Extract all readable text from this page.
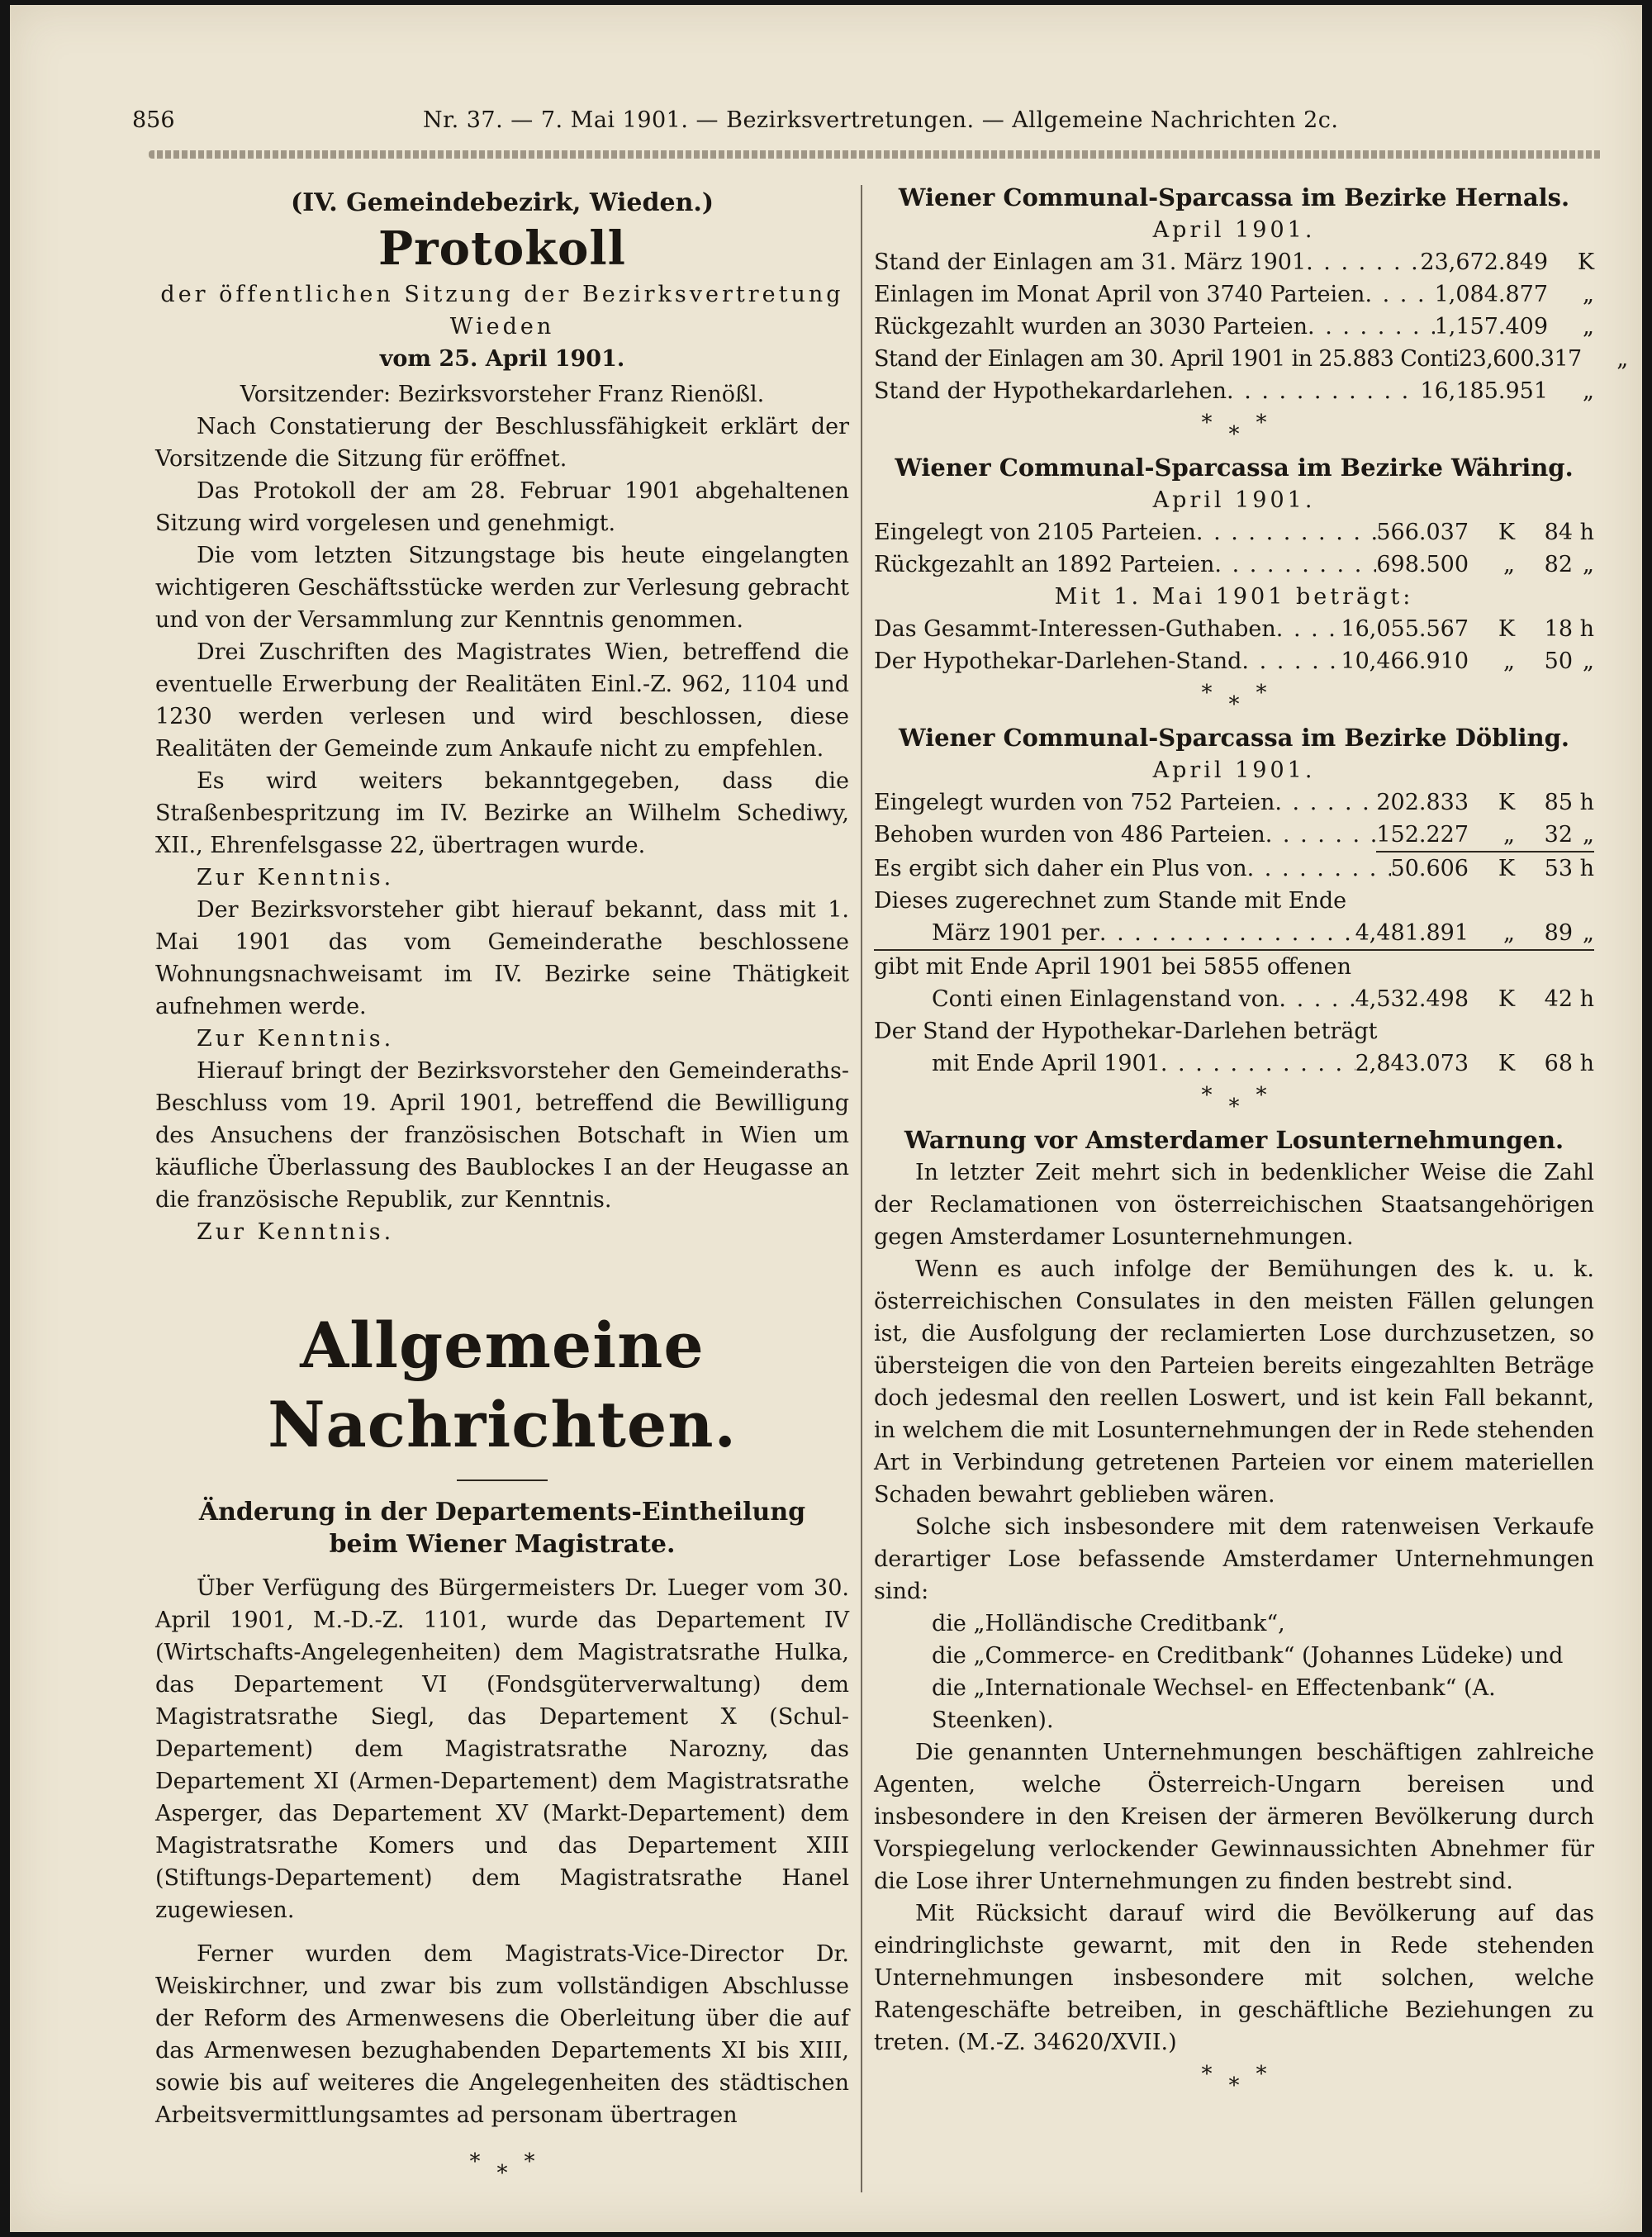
856	Nr. 37. — 7. Mai 1901. — Bezirksvertretungen. — Allgemeine Nachrichten 2c.

(IV. Gemeindebezirk, Wieden.)

Protokoll

der öffentlichen Sitzung der Bezirksvertretung Wieden

vom 25. April 1901.

Vorsitzender: Bezirksvorsteher Franz Rienößl.

Nach Constatierung der Beschlussfähigkeit erklärt der Vorsitzende die Sitzung für eröffnet.

Das Protokoll der am 28. Februar 1901 abgehaltenen Sitzung wird vorgelesen und genehmigt.

Die vom letzten Sitzungstage bis heute eingelangten wichtigeren Geschäftsstücke werden zur Verlesung gebracht und von der Versammlung zur Kenntnis genommen.

Drei Zuschriften des Magistrates Wien, betreffend die eventuelle Erwerbung der Realitäten Einl.-Z. 962, 1104 und 1230 werden verlesen und wird beschlossen, diese Realitäten der Gemeinde zum Ankaufe nicht zu empfehlen.

Es wird weiters bekanntgegeben, dass die Straßenbespritzung im IV. Bezirke an Wilhelm Schediwy, XII., Ehrenfelsgasse 22, übertragen wurde.

Zur Kenntnis.

Der Bezirksvorsteher gibt hierauf bekannt, dass mit 1. Mai 1901 das vom Gemeinderathe beschlossene Wohnungsnachweisamt im IV. Bezirke seine Thätigkeit aufnehmen werde.

Zur Kenntnis.

Hierauf bringt der Bezirksvorsteher den Gemeinderaths-Beschluss vom 19. April 1901, betreffend die Bewilligung des Ansuchens der französischen Botschaft in Wien um käufliche Überlassung des Baublockes I an der Heugasse an die französische Republik, zur Kenntnis.

Zur Kenntnis.

Allgemeine Nachrichten.

Änderung in der Departements-Eintheilung beim Wiener Magistrate.

Über Verfügung des Bürgermeisters Dr. Lueger vom 30. April 1901, M.-D.-Z. 1101, wurde das Departement IV (Wirtschafts-Angelegenheiten) dem Magistratsrathe Hulka, das Departement VI (Fondsgüterverwaltung) dem Magistratsrathe Siegl, das Departement X (Schul-Departement) dem Magistratsrathe Narozny, das Departement XI (Armen-Departement) dem Magistratsrathe Asperger, das Departement XV (Markt-Departement) dem Magistratsrathe Komers und das Departement XIII (Stiftungs-Departement) dem Magistratsrathe Hanel zugewiesen.

Ferner wurden dem Magistrats-Vice-Director Dr. Weiskirchner, und zwar bis zum vollständigen Abschlusse der Reform des Armenwesens die Oberleitung über die auf das Armenwesen bezughabenden Departements XI bis XIII, sowie bis auf weiteres die Angelegenheiten des städtischen Arbeitsvermittlungsamtes ad personam übertragen

* * *

Wiener Communal-Sparcassa im Bezirke Hernals.

April 1901.

Stand der Einlagen am 31. März 1901 . . .	23,672.849	K
Einlagen im Monat April von 3740 Parteien . . .	1,084.877	„
Rückgezahlt wurden an 3030 Parteien . . .	1,157.409	„
Stand der Einlagen am 30. April 1901 in 25.883 Conti 23,600.317	„
Stand der Hypothekardarlehen . . .	16,185.951	„
* * *

Wiener Communal-Sparcassa im Bezirke Währing.

April 1901.

Eingelegt von 2105 Parteien . . .	566.037	K	84 h
Rückgezahlt an 1892 Parteien . . .	698.500	„	82 „

Mit 1. Mai 1901 beträgt:

Das Gesammt-Interessen-Guthaben . . .	16,055.567	K	18 h
Der Hypothekar-Darlehen-Stand . . .	10,466.910	„	50 „
* * *

Wiener Communal-Sparcassa im Bezirke Döbling.

April 1901.

Eingelegt wurden von 752 Parteien . . .	202.833	K	85 h
Behoben wurden von 486 Parteien . . .	152.227	„	32 „
Es ergibt sich daher ein Plus von . . .	50.606	K	53 h

Dieses zugerechnet zum Stande mit Ende

März 1901 per . . .	4,481.891	„	89 „

gibt mit Ende April 1901 bei 5855 offenen

Conti einen Einlagenstand von . . .	4,532.498	K	42 h

Der Stand der Hypothekar-Darlehen beträgt

mit Ende April 1901 . . .	2,843.073	K	68 h
* * *

Warnung vor Amsterdamer Losunternehmungen.

In letzter Zeit mehrt sich in bedenklicher Weise die Zahl der Reclamationen von österreichischen Staatsangehörigen gegen Amsterdamer Losunternehmungen.

Wenn es auch infolge der Bemühungen des k. u. k. österreichischen Consulates in den meisten Fällen gelungen ist, die Ausfolgung der reclamierten Lose durchzusetzen, so übersteigen die von den Parteien bereits eingezahlten Beträge doch jedesmal den reellen Loswert, und ist kein Fall bekannt, in welchem die mit Losunternehmungen der in Rede stehenden Art in Verbindung getretenen Parteien vor einem materiellen Schaden bewahrt geblieben wären.

Solche sich insbesondere mit dem ratenweisen Verkaufe derartiger Lose befassende Amsterdamer Unternehmungen sind:

die „Holländische Creditbank“,

die „Commerce- en Creditbank“ (Johannes Lüdeke) und

die „Internationale Wechsel- en Effectenbank“ (A. Steenken).

Die genannten Unternehmungen beschäftigen zahlreiche Agenten, welche Österreich-Ungarn bereisen und insbesondere in den Kreisen der ärmeren Bevölkerung durch Vorspiegelung verlockender Gewinnaussichten Abnehmer für die Lose ihrer Unternehmungen zu finden bestrebt sind.

Mit Rücksicht darauf wird die Bevölkerung auf das eindringlichste gewarnt, mit den in Rede stehenden Unternehmungen insbesondere mit solchen, welche Ratengeschäfte betreiben, in geschäftliche Beziehungen zu treten. (M.-Z. 34620/XVII.)

* * *
